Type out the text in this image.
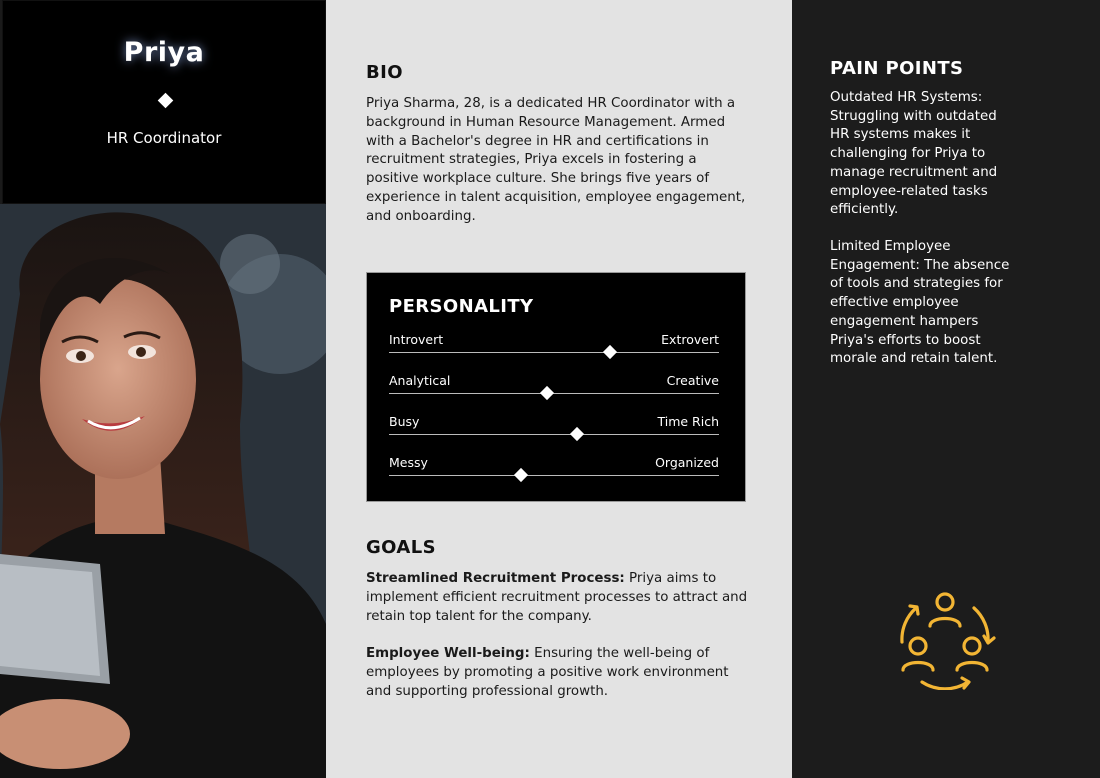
Priya
HR Coordinator
BIO
Priya Sharma, 28, is a dedicated HR Coordinator with a background in Human Resource Management. Armed with a Bachelor's degree in HR and certifications in recruitment strategies, Priya excels in fostering a positive workplace culture. She brings five years of experience in talent acquisition, employee engagement, and onboarding.
PERSONALITY
Introvert	Extrovert
Analytical	Creative
Busy	Time Rich
Messy	Organized
GOALS
Streamlined Recruitment Process: Priya aims to implement efficient recruitment processes to attract and retain top talent for the company.
Employee Well-being: Ensuring the well-being of employees by promoting a positive work environment and supporting professional growth.
PAIN POINTS
Outdated HR Systems: Struggling with outdated HR systems makes it challenging for Priya to manage recruitment and employee-related tasks efficiently.
Limited Employee Engagement: The absence of tools and strategies for effective employee engagement hampers Priya's efforts to boost morale and retain talent.
